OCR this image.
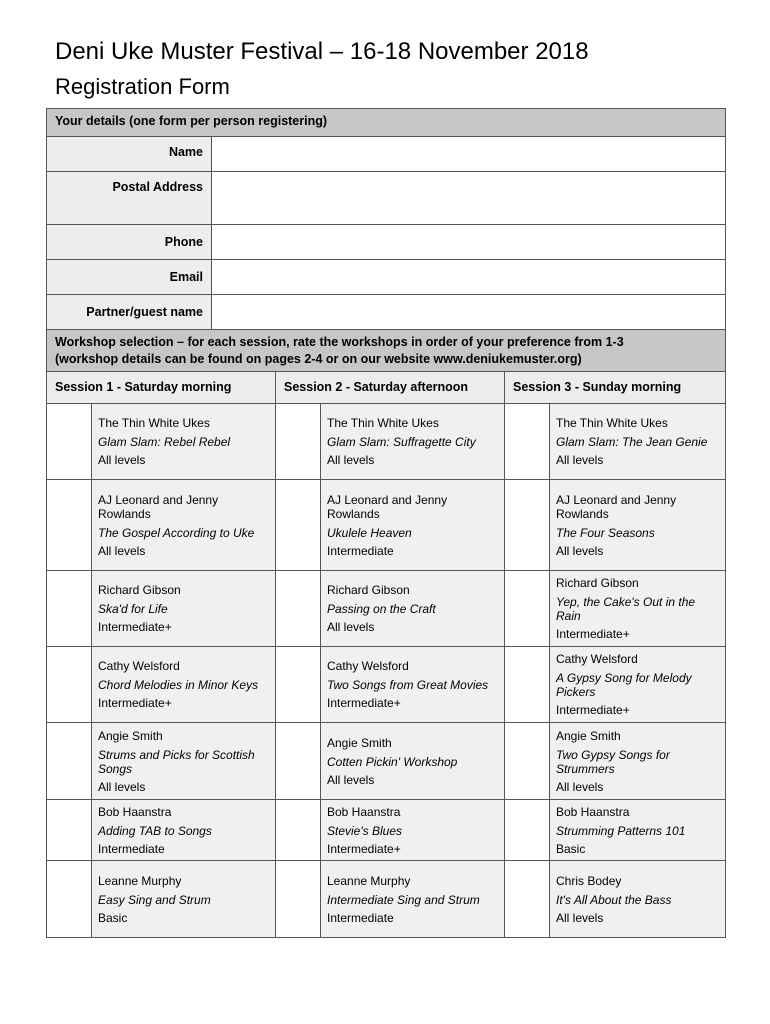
Deni Uke Muster Festival – 16-18 November 2018
Registration Form
Your details (one form per person registering)
Name
Postal Address
Phone
Email
Partner/guest name
Workshop selection – for each session, rate the workshops in order of your preference from 1-3
(workshop details can be found on pages 2-4 or on our website www.deniukemuster.org)
Session 1 - Saturday morning	Session 2 - Saturday afternoon	Session 3 - Sunday morning
The Thin White Ukes
Glam Slam: Rebel Rebel
All levels
The Thin White Ukes
Glam Slam: Suffragette City
All levels
The Thin White Ukes
Glam Slam: The Jean Genie
All levels
AJ Leonard and Jenny Rowlands
The Gospel According to Uke
All levels
AJ Leonard and Jenny Rowlands
Ukulele Heaven
Intermediate
AJ Leonard and Jenny Rowlands
The Four Seasons
All levels
Richard Gibson
Ska'd for Life
Intermediate+
Richard Gibson
Passing on the Craft
All levels
Richard Gibson
Yep, the Cake's Out in the Rain
Intermediate+
Cathy Welsford
Chord Melodies in Minor Keys
Intermediate+
Cathy Welsford
Two Songs from Great Movies
Intermediate+
Cathy Welsford
A Gypsy Song for Melody Pickers
Intermediate+
Angie Smith
Strums and Picks for Scottish Songs
All levels
Angie Smith
Cotten Pickin' Workshop
All levels
Angie Smith
Two Gypsy Songs for Strummers
All levels
Bob Haanstra
Adding TAB to Songs
Intermediate
Bob Haanstra
Stevie's Blues
Intermediate+
Bob Haanstra
Strumming Patterns 101
Basic
Leanne Murphy
Easy Sing and Strum
Basic
Leanne Murphy
Intermediate Sing and Strum
Intermediate
Chris Bodey
It's All About the Bass
All levels
